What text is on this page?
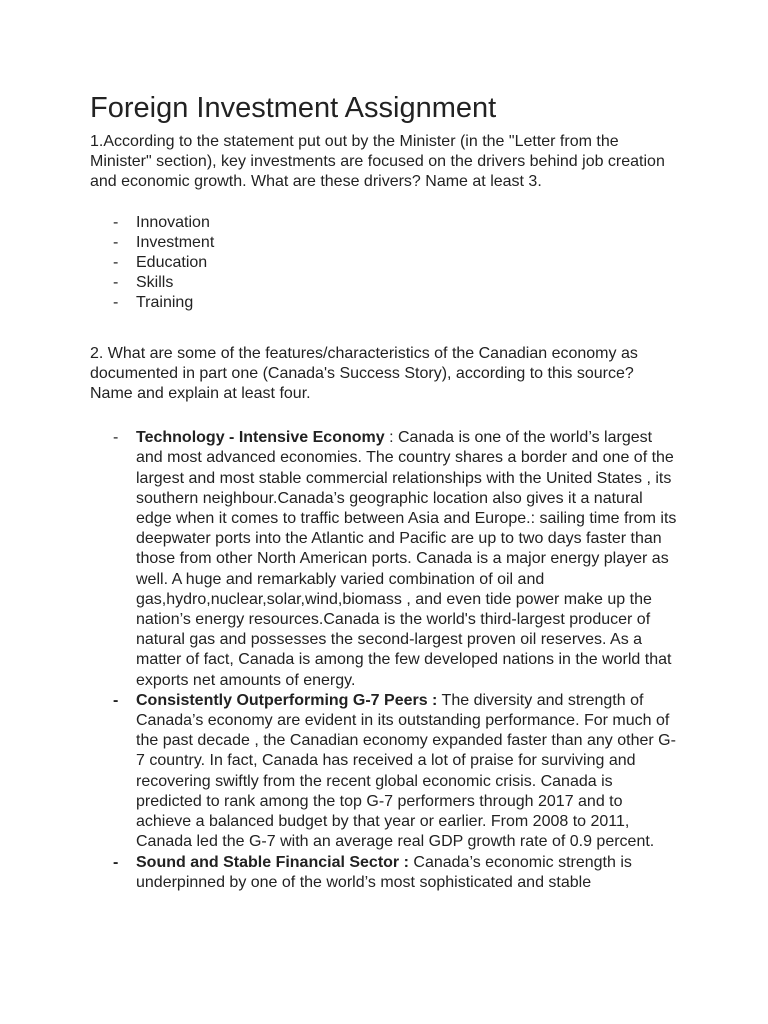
Foreign Investment Assignment

1.According to the statement put out by the Minister (in the "Letter from the Minister" section), key investments are focused on the drivers behind job creation and economic growth. What are these drivers? Name at least 3.

- Innovation
- Investment
- Education
- Skills
- Training

2. What are some of the features/characteristics of the Canadian economy as documented in part one (Canada's Success Story), according to this source? Name and explain at least four.

- Technology - Intensive Economy : Canada is one of the world’s largest and most advanced economies. The country shares a border and one of the largest and most stable commercial relationships with the United States , its southern neighbour.Canada’s geographic location also gives it a natural edge when it comes to traffic between Asia and Europe.: sailing time from its deepwater ports into the Atlantic and Pacific are up to two days faster than those from other North American ports. Canada is a major energy player as well. A huge and remarkably varied combination of oil and gas,hydro,nuclear,solar,wind,biomass , and even tide power make up the nation’s energy resources.Canada is the world's third-largest producer of natural gas and possesses the second-largest proven oil reserves. As a matter of fact, Canada is among the few developed nations in the world that exports net amounts of energy.
- Consistently Outperforming G-7 Peers : The diversity and strength of Canada’s economy are evident in its outstanding performance. For much of the past decade , the Canadian economy expanded faster than any other G-7 country. In fact, Canada has received a lot of praise for surviving and recovering swiftly from the recent global economic crisis. Canada is predicted to rank among the top G-7 performers through 2017 and to achieve a balanced budget by that year or earlier. From 2008 to 2011, Canada led the G-7 with an average real GDP growth rate of 0.9 percent.
- Sound and Stable Financial Sector : Canada’s economic strength is underpinned by one of the world’s most sophisticated and stable
